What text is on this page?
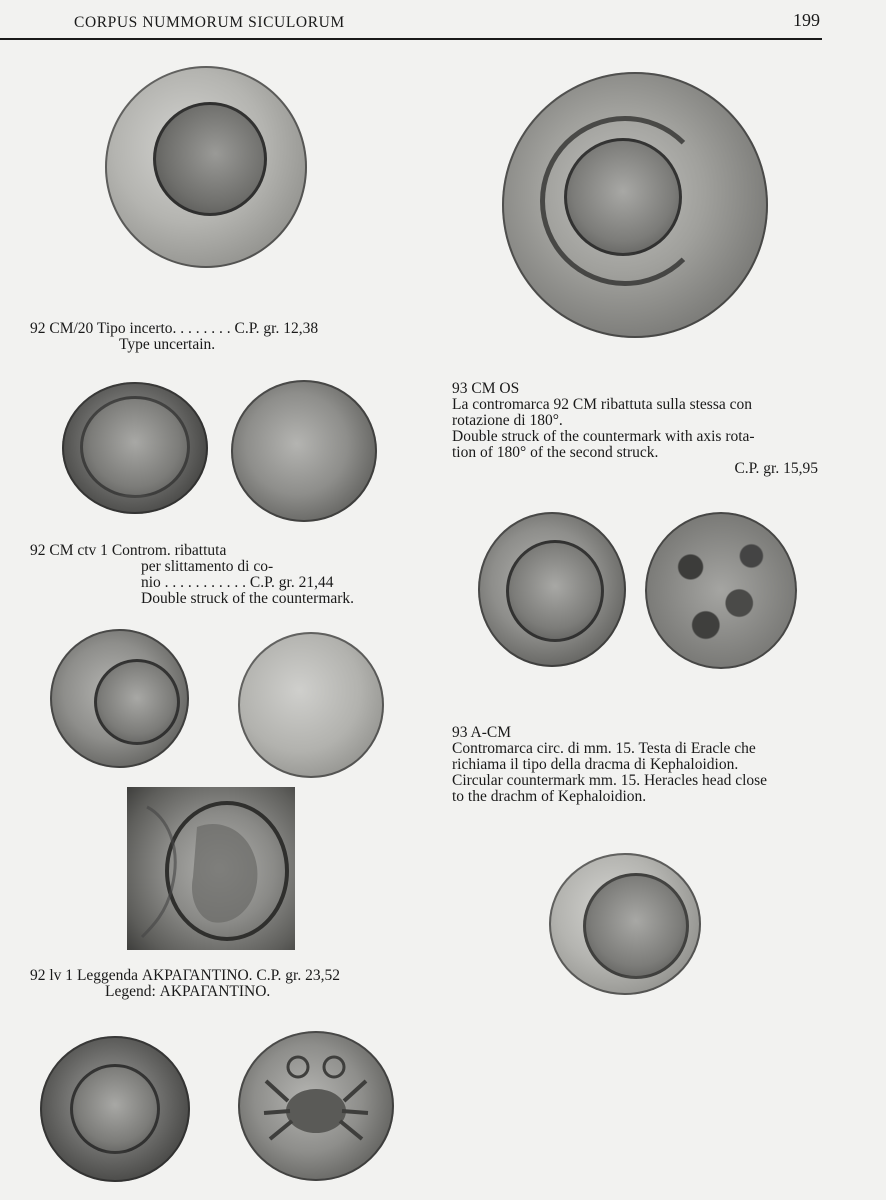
CORPUS NUMMORUM SICULORUM	199
92 CM/20 Tipo incerto. . . . . . . . C.P. gr. 12,38
Type uncertain.
92 CM ctv 1 Controm. ribattuta
per slittamento di co-
nio . . . . . . . . . . . C.P. gr. 21,44
Double struck of the countermark.
92 lv 1 Leggenda ΑΚΡΑΓΑΝΤΙΝΟ. C.P. gr. 23,52
Legend: ΑΚΡΑΓΑΝΤΙΝΟ.
93 CM OS
La contromarca 92 CM ribattuta sulla stessa con
rotazione di 180°.
Double struck of the countermark with axis rota-
tion of 180° of the second struck.
C.P. gr. 15,95
93 A-CM
Contromarca circ. di mm. 15. Testa di Eracle che
richiama il tipo della dracma di Kephaloidion.
Circular countermark mm. 15. Heracles head close
to the drachm of Kephaloidion.
